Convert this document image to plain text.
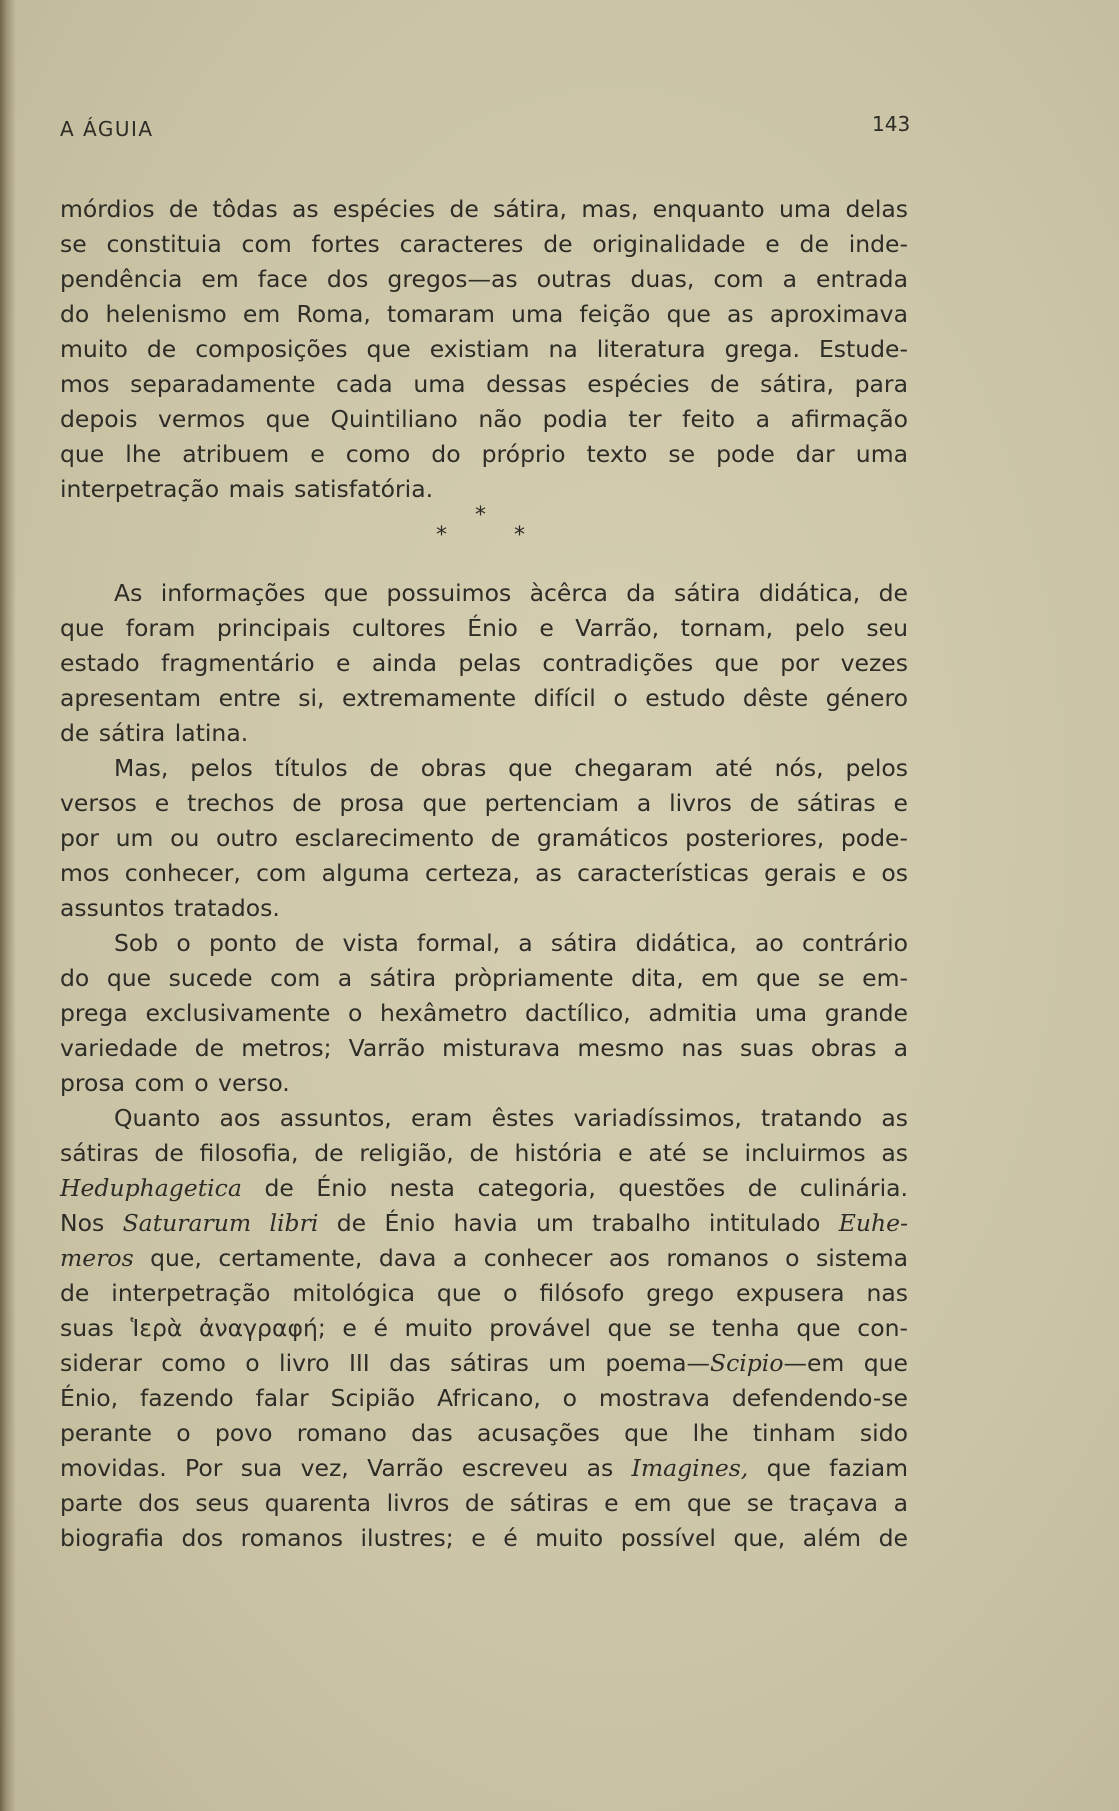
A ÁGUIA	143
mórdios de tôdas as espécies de sátira, mas, enquanto uma delas
se constituia com fortes caracteres de originalidade e de inde-
pendência em face dos gregos—as outras duas, com a entrada
do helenismo em Roma, tomaram uma feição que as aproximava
muito de composições que existiam na literatura grega. Estude-
mos separadamente cada uma dessas espécies de sátira, para
depois vermos que Quintiliano não podia ter feito a afirmação
que lhe atribuem e como do próprio texto se pode dar uma
interpetração mais satisfatória.
*
*	*
As informações que possuimos àcêrca da sátira didática, de
que foram principais cultores Énio e Varrão, tornam, pelo seu
estado fragmentário e ainda pelas contradições que por vezes
apresentam entre si, extremamente difícil o estudo dêste género
de sátira latina.
Mas, pelos títulos de obras que chegaram até nós, pelos
versos e trechos de prosa que pertenciam a livros de sátiras e
por um ou outro esclarecimento de gramáticos posteriores, pode-
mos conhecer, com alguma certeza, as características gerais e os
assuntos tratados.
Sob o ponto de vista formal, a sátira didática, ao contrário
do que sucede com a sátira pròpriamente dita, em que se em-
prega exclusivamente o hexâmetro dactílico, admitia uma grande
variedade de metros; Varrão misturava mesmo nas suas obras a
prosa com o verso.
Quanto aos assuntos, eram êstes variadíssimos, tratando as
sátiras de filosofia, de religião, de história e até se incluirmos as
Heduphagetica de Énio nesta categoria, questões de culinária.
Nos Saturarum libri de Énio havia um trabalho intitulado Euhe-
meros que, certamente, dava a conhecer aos romanos o sistema
de interpetração mitológica que o filósofo grego expusera nas
suas Ἱερὰ ἀναγραφή; e é muito provável que se tenha que con-
siderar como o livro III das sátiras um poema—Scipio—em que
Énio, fazendo falar Scipião Africano, o mostrava defendendo-se
perante o povo romano das acusações que lhe tinham sido
movidas. Por sua vez, Varrão escreveu as Imagines, que faziam
parte dos seus quarenta livros de sátiras e em que se traçava a
biografia dos romanos ilustres; e é muito possível que, além de
